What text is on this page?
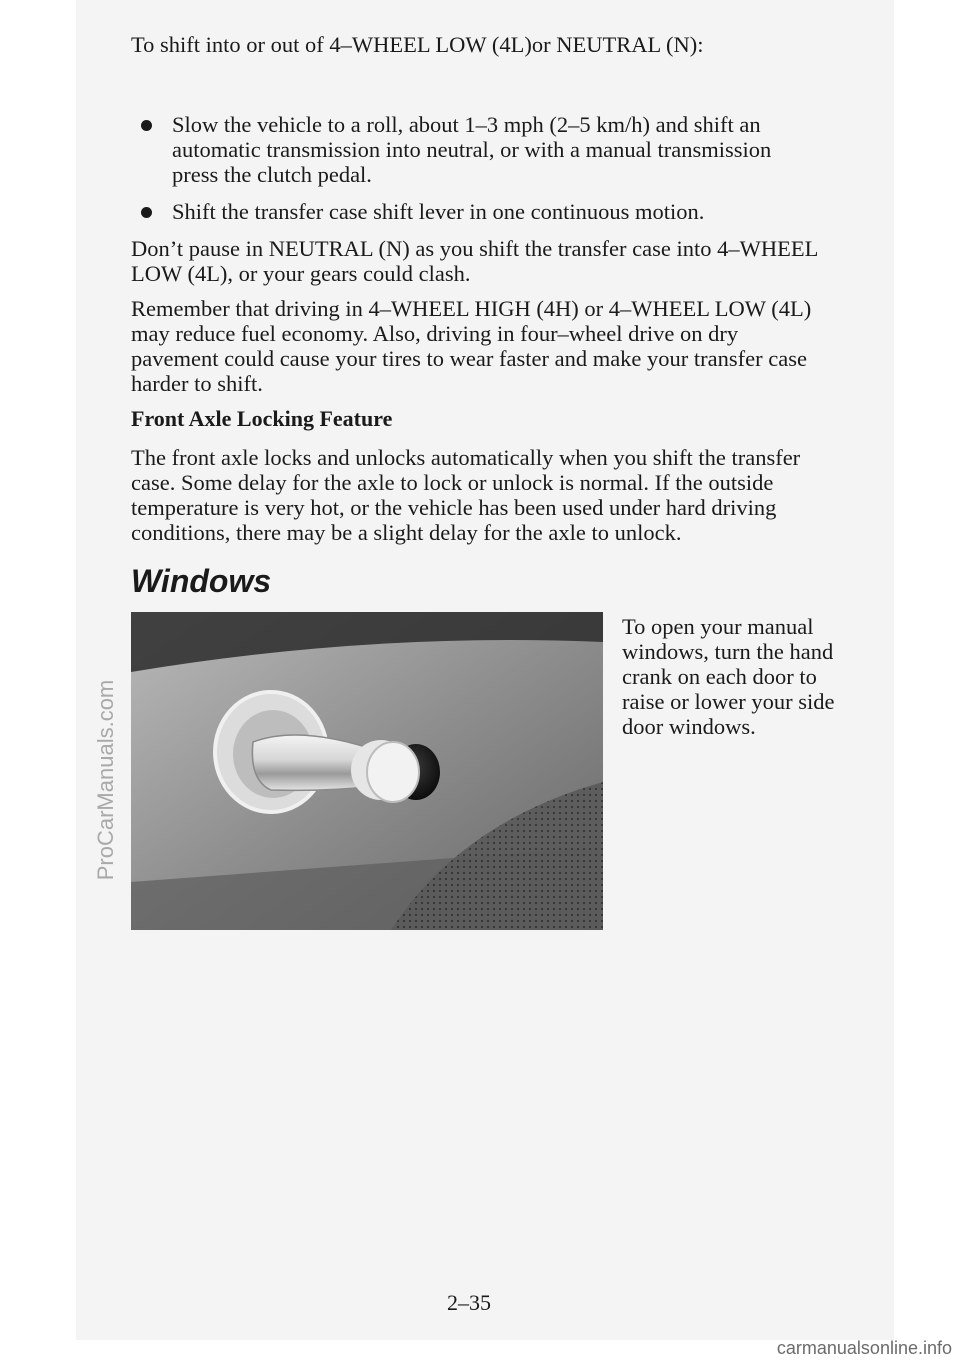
To shift into or out of 4–WHEEL LOW (4L)or NEUTRAL (N):

Slow the vehicle to a roll, about 1–3 mph (2–5 km/h) and shift an automatic transmission into neutral, or with a manual transmission press the clutch pedal.
Shift the transfer case shift lever in one continuous motion.

Don’t pause in NEUTRAL (N) as you shift the transfer case into 4–WHEEL LOW (4L), or your gears could clash.

Remember that driving in 4–WHEEL HIGH (4H) or 4–WHEEL LOW (4L) may reduce fuel economy. Also, driving in four–wheel drive on dry pavement could cause your tires to wear faster and make your transfer case harder to shift.

Front Axle Locking Feature

The front axle locks and unlocks automatically when you shift the transfer case. Some delay for the axle to lock or unlock is normal. If the outside temperature is very hot, or the vehicle has been used under hard driving conditions, there may be a slight delay for the axle to unlock.

Windows

To open your manual windows, turn the hand crank on each door to raise or lower your side door windows.

2–35
ProCarManuals.com
carmanualsonline.info
